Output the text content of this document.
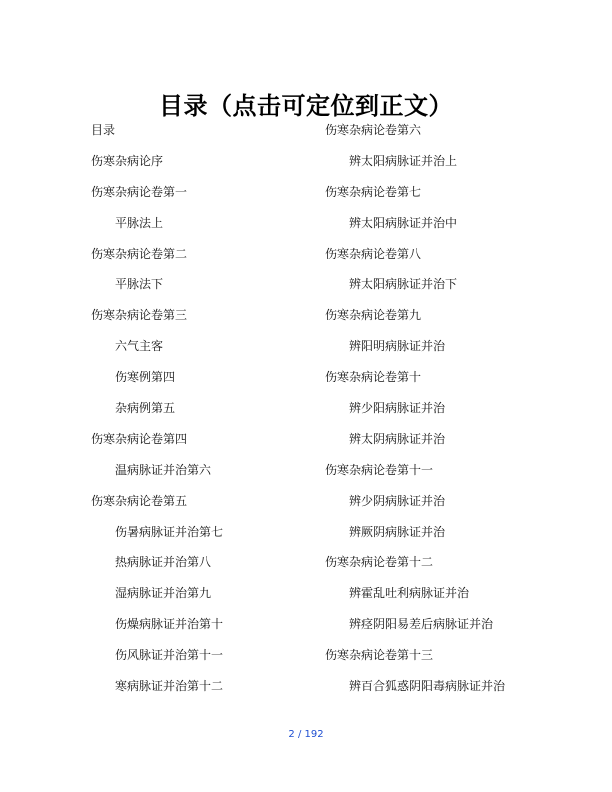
目录（点击可定位到正文）
目录
伤寒杂病论序
伤寒杂病论卷第一
平脉法上
伤寒杂病论卷第二
平脉法下
伤寒杂病论卷第三
六气主客
伤寒例第四
杂病例第五
伤寒杂病论卷第四
温病脉证并治第六
伤寒杂病论卷第五
伤暑病脉证并治第七
热病脉证并治第八
湿病脉证并治第九
伤燥病脉证并治第十
伤风脉证并治第十一
寒病脉证并治第十二
伤寒杂病论卷第六
辨太阳病脉证并治上
伤寒杂病论卷第七
辨太阳病脉证并治中
伤寒杂病论卷第八
辨太阳病脉证并治下
伤寒杂病论卷第九
辨阳明病脉证并治
伤寒杂病论卷第十
辨少阳病脉证并治
辨太阴病脉证并治
伤寒杂病论卷第十一
辨少阴病脉证并治
辨厥阴病脉证并治
伤寒杂病论卷第十二
辨霍乱吐利病脉证并治
辨痉阴阳易差后病脉证并治
伤寒杂病论卷第十三
辨百合狐惑阴阳毒病脉证并治
2 / 192
